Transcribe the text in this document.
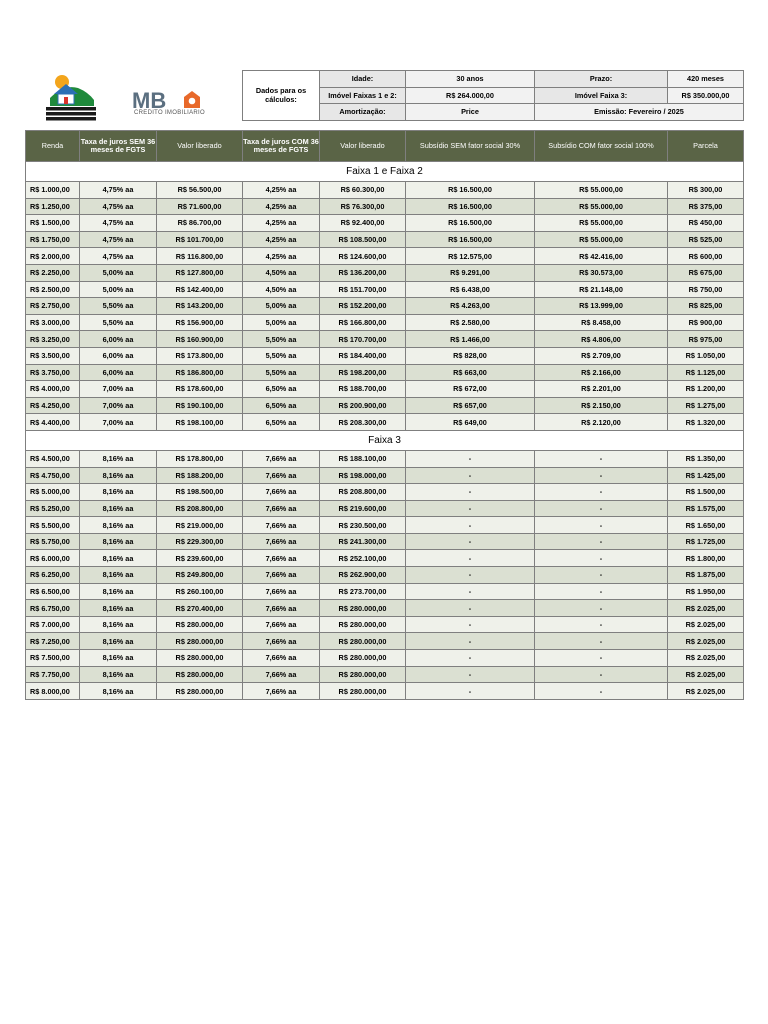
MB
CREDITO IMOBILIARIO
Dados para os cálculos:	Idade:	30 anos	Prazo:	420 meses
	Imóvel Faixas 1 e 2:	R$ 264.000,00	Imóvel Faixa 3:	R$ 350.000,00
	Amortização:	Price	Emissão: Fevereiro / 2025	
Renda	Taxa de juros SEM 36 meses de FGTS	Valor liberado	Taxa de juros COM 36 meses de FGTS	Valor liberado	Subsídio SEM fator social 30%	Subsídio COM fator social 100%	Parcela
Faixa 1 e Faixa 2							
R$ 1.000,00	4,75% aa	R$ 56.500,00	4,25% aa	R$ 60.300,00	R$ 16.500,00	R$ 55.000,00	R$ 300,00
R$ 1.250,00	4,75% aa	R$ 71.600,00	4,25% aa	R$ 76.300,00	R$ 16.500,00	R$ 55.000,00	R$ 375,00
R$ 1.500,00	4,75% aa	R$ 86.700,00	4,25% aa	R$ 92.400,00	R$ 16.500,00	R$ 55.000,00	R$ 450,00
R$ 1.750,00	4,75% aa	R$ 101.700,00	4,25% aa	R$ 108.500,00	R$ 16.500,00	R$ 55.000,00	R$ 525,00
R$ 2.000,00	4,75% aa	R$ 116.800,00	4,25% aa	R$ 124.600,00	R$ 12.575,00	R$ 42.416,00	R$ 600,00
R$ 2.250,00	5,00% aa	R$ 127.800,00	4,50% aa	R$ 136.200,00	R$ 9.291,00	R$ 30.573,00	R$ 675,00
R$ 2.500,00	5,00% aa	R$ 142.400,00	4,50% aa	R$ 151.700,00	R$ 6.438,00	R$ 21.148,00	R$ 750,00
R$ 2.750,00	5,50% aa	R$ 143.200,00	5,00% aa	R$ 152.200,00	R$ 4.263,00	R$ 13.999,00	R$ 825,00
R$ 3.000,00	5,50% aa	R$ 156.900,00	5,00% aa	R$ 166.800,00	R$ 2.580,00	R$ 8.458,00	R$ 900,00
R$ 3.250,00	6,00% aa	R$ 160.900,00	5,50% aa	R$ 170.700,00	R$ 1.466,00	R$ 4.806,00	R$ 975,00
R$ 3.500,00	6,00% aa	R$ 173.800,00	5,50% aa	R$ 184.400,00	R$ 828,00	R$ 2.709,00	R$ 1.050,00
R$ 3.750,00	6,00% aa	R$ 186.800,00	5,50% aa	R$ 198.200,00	R$ 663,00	R$ 2.166,00	R$ 1.125,00
R$ 4.000,00	7,00% aa	R$ 178.600,00	6,50% aa	R$ 188.700,00	R$ 672,00	R$ 2.201,00	R$ 1.200,00
R$ 4.250,00	7,00% aa	R$ 190.100,00	6,50% aa	R$ 200.900,00	R$ 657,00	R$ 2.150,00	R$ 1.275,00
R$ 4.400,00	7,00% aa	R$ 198.100,00	6,50% aa	R$ 208.300,00	R$ 649,00	R$ 2.120,00	R$ 1.320,00
Faixa 3							
R$ 4.500,00	8,16% aa	R$ 178.800,00	7,66% aa	R$ 188.100,00	-	-	R$ 1.350,00
R$ 4.750,00	8,16% aa	R$ 188.200,00	7,66% aa	R$ 198.000,00	-	-	R$ 1.425,00
R$ 5.000,00	8,16% aa	R$ 198.500,00	7,66% aa	R$ 208.800,00	-	-	R$ 1.500,00
R$ 5.250,00	8,16% aa	R$ 208.800,00	7,66% aa	R$ 219.600,00	-	-	R$ 1.575,00
R$ 5.500,00	8,16% aa	R$ 219.000,00	7,66% aa	R$ 230.500,00	-	-	R$ 1.650,00
R$ 5.750,00	8,16% aa	R$ 229.300,00	7,66% aa	R$ 241.300,00	-	-	R$ 1.725,00
R$ 6.000,00	8,16% aa	R$ 239.600,00	7,66% aa	R$ 252.100,00	-	-	R$ 1.800,00
R$ 6.250,00	8,16% aa	R$ 249.800,00	7,66% aa	R$ 262.900,00	-	-	R$ 1.875,00
R$ 6.500,00	8,16% aa	R$ 260.100,00	7,66% aa	R$ 273.700,00	-	-	R$ 1.950,00
R$ 6.750,00	8,16% aa	R$ 270.400,00	7,66% aa	R$ 280.000,00	-	-	R$ 2.025,00
R$ 7.000,00	8,16% aa	R$ 280.000,00	7,66% aa	R$ 280.000,00	-	-	R$ 2.025,00
R$ 7.250,00	8,16% aa	R$ 280.000,00	7,66% aa	R$ 280.000,00	-	-	R$ 2.025,00
R$ 7.500,00	8,16% aa	R$ 280.000,00	7,66% aa	R$ 280.000,00	-	-	R$ 2.025,00
R$ 7.750,00	8,16% aa	R$ 280.000,00	7,66% aa	R$ 280.000,00	-	-	R$ 2.025,00
R$ 8.000,00	8,16% aa	R$ 280.000,00	7,66% aa	R$ 280.000,00	-	-	R$ 2.025,00
